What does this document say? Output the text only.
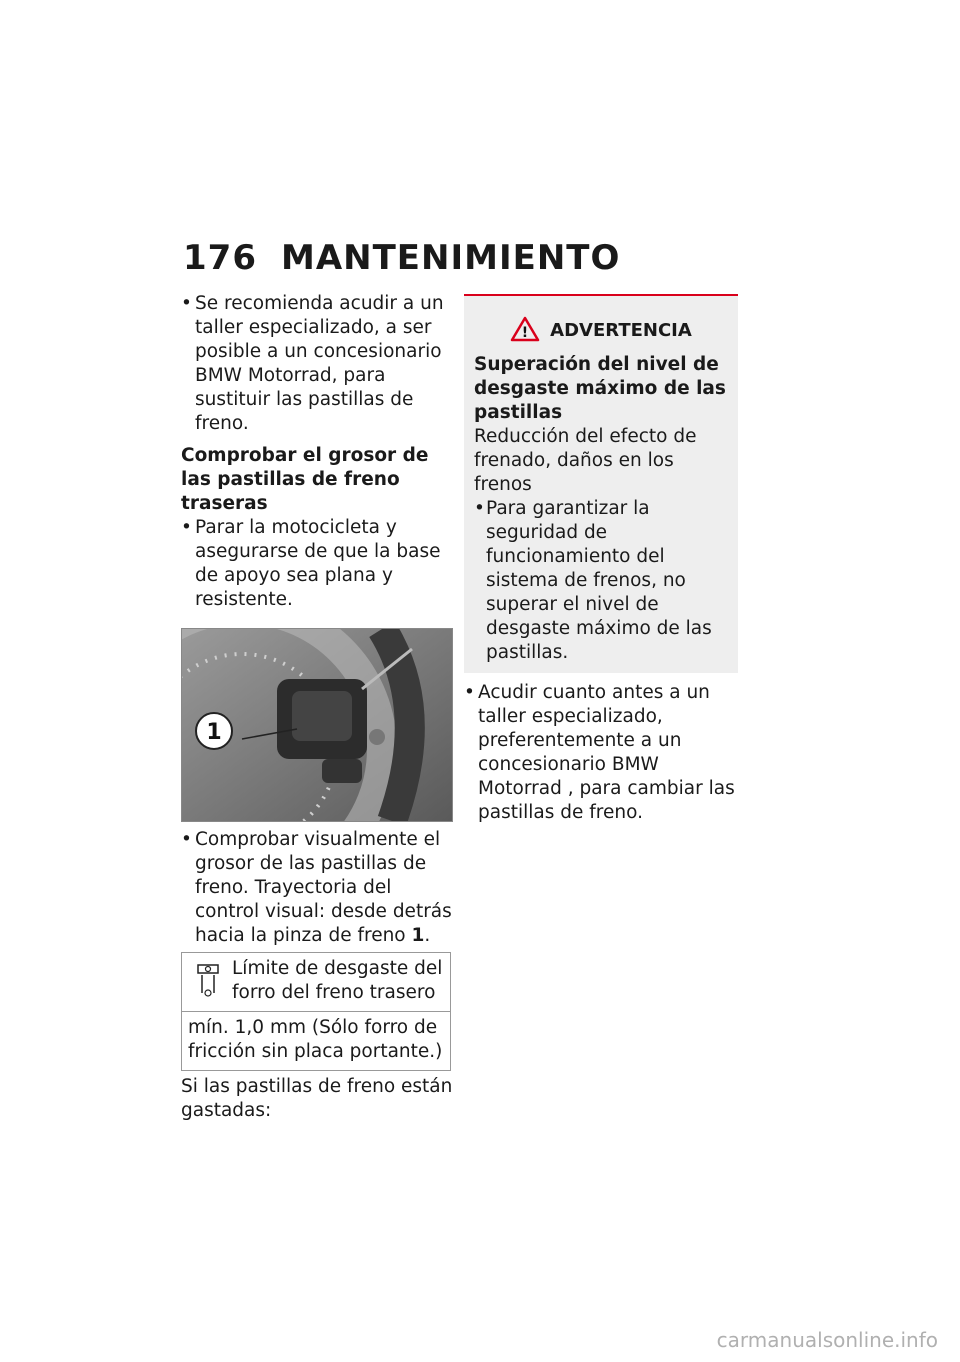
176 MANTENIMIENTO

• Se recomienda acudir a un taller especializado, a ser posible a un concesionario BMW Motorrad, para sustituir las pastillas de freno.

Comprobar el grosor de las pastillas de freno traseras

• Parar la motocicleta y asegurarse de que la base de apoyo sea plana y resistente.

1

• Comprobar visualmente el grosor de las pastillas de freno. Trayectoria del control visual: desde detrás hacia la pinza de freno 1.

Límite de desgaste del forro del freno trasero
mín. 1,0 mm (Sólo forro de fricción sin placa portante.)

Si las pastillas de freno están gastadas:

! ADVERTENCIA

Superación del nivel de desgaste máximo de las pastillas

Reducción del efecto de frenado, daños en los frenos

• Para garantizar la seguridad de funcionamiento del sistema de frenos, no superar el nivel de desgaste máximo de las pastillas.

• Acudir cuanto antes a un taller especializado, preferentemente a un concesionario BMW Motorrad , para cambiar las pastillas de freno.

carmanualsonline.info
